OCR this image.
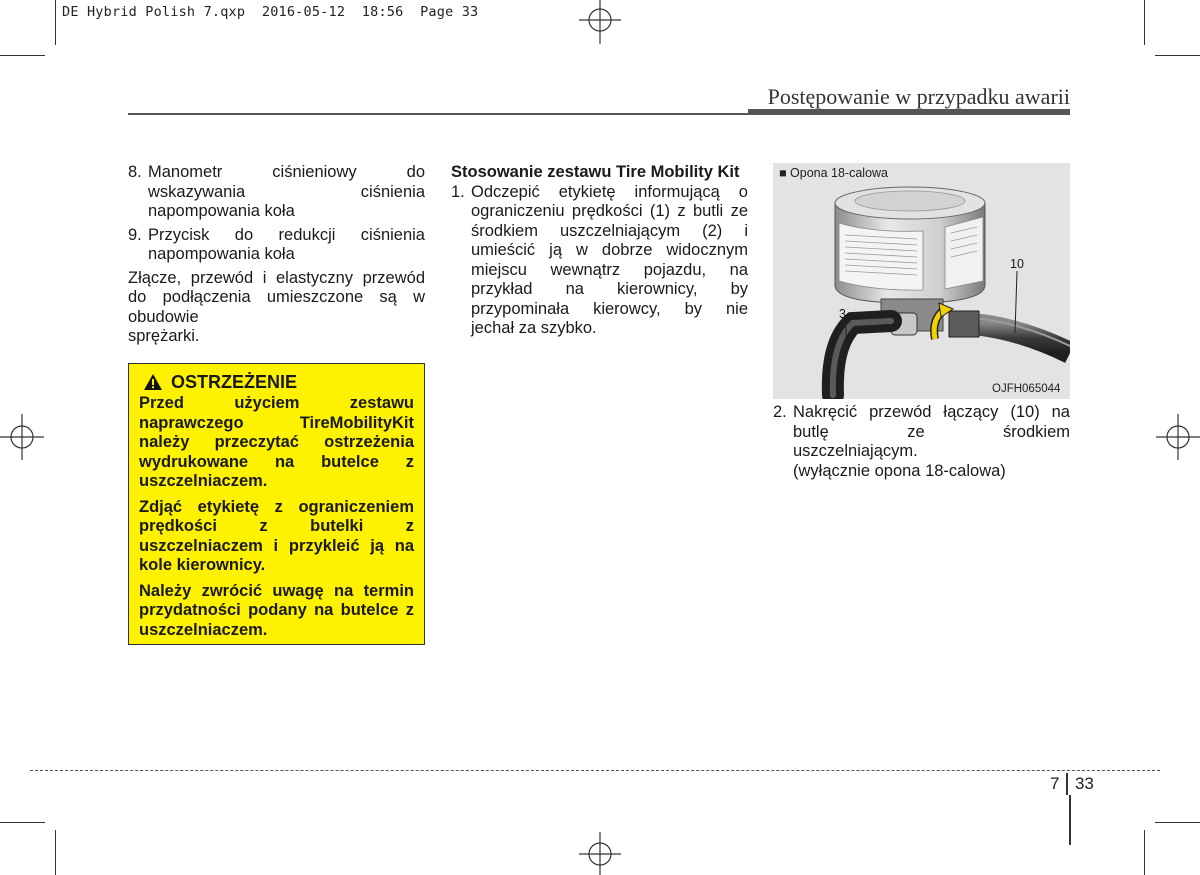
DE Hybrid Polish 7.qxp  2016-05-12  18:56  Page 33
Postępowanie w przypadku awarii
8. Manometr ciśnieniowy do wskazywania ciśnienia
napompowania koła
9. Przycisk do redukcji ciśnienia
napompowania koła
Złącze, przewód i elastyczny przewód do podłączenia umieszczone są w obudowie
sprężarki.
OSTRZEŻENIE

Przed użyciem zestawu naprawczego TireMobilityKit należy przeczytać ostrzeżenia wydrukowane na butelce z uszczelniaczem.

Zdjąć etykietę z ograniczeniem prędkości z butelki z uszczelniaczem i przykleić ją na kole kierownicy.

Należy zwrócić uwagę na termin przydatności podany na butelce z uszczelniaczem.

Stosowanie zestawu Tire Mobility Kit
1. Odczepić etykietę informującą o ograniczeniu prędkości (1) z butli ze środkiem uszczelniającym (2) i umieścić ją w dobrze widocznym miejscu wewnątrz pojazdu, na przykład na kierownicy, by przypominała kierowcy, by nie
jechał za szybko.
■ Opona 18-calowa
3
10
OJFH065044
2. Nakręcić przewód łączący (10) na butlę ze środkiem
uszczelniającym.
(wyłącznie opona 18-calowa)
7 33
